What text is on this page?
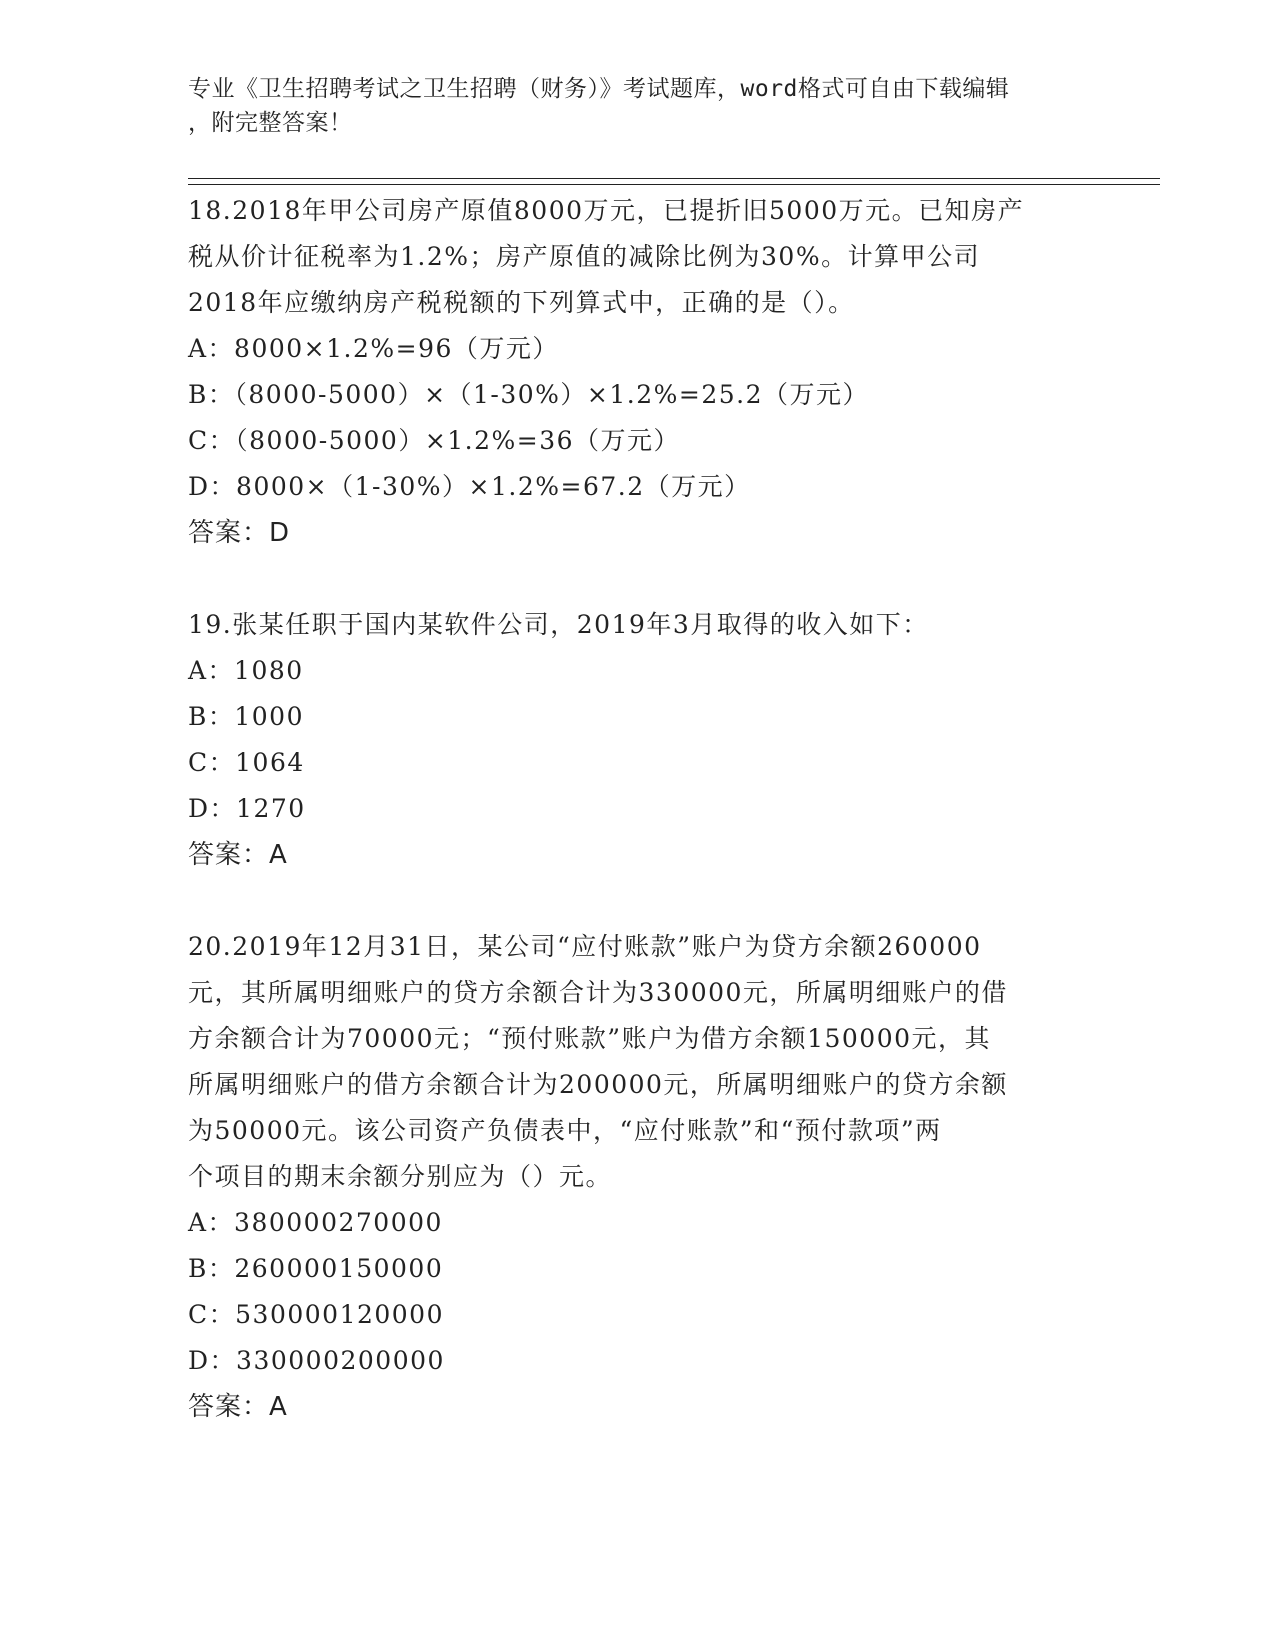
专业《卫生招聘考试之卫生招聘（财务）》考试题库，word格式可自由下载编辑
，附完整答案！
18.2018年甲公司房产原值8000万元，已提折旧5000万元。已知房产
税从价计征税率为1.2%；房产原值的减除比例为30%。计算甲公司
2018年应缴纳房产税税额的下列算式中，正确的是（）。
A：8000×1.2%=96（万元）
B：（8000-5000）×（1-30%）×1.2%=25.2（万元）
C：（8000-5000）×1.2%=36（万元）
D：8000×（1-30%）×1.2%=67.2（万元）
答案：D
19.张某任职于国内某软件公司，2019年3月取得的收入如下：
A：1080
B：1000
C：1064
D：1270
答案：A
20.2019年12月31日，某公司“应付账款”账户为贷方余额260000
元，其所属明细账户的贷方余额合计为330000元，所属明细账户的借
方余额合计为70000元；“预付账款”账户为借方余额150000元，其
所属明细账户的借方余额合计为200000元，所属明细账户的贷方余额
为50000元。该公司资产负债表中，“应付账款”和“预付款项”两
个项目的期末余额分别应为（）元。
A：380000270000
B：260000150000
C：530000120000
D：330000200000
答案：A
